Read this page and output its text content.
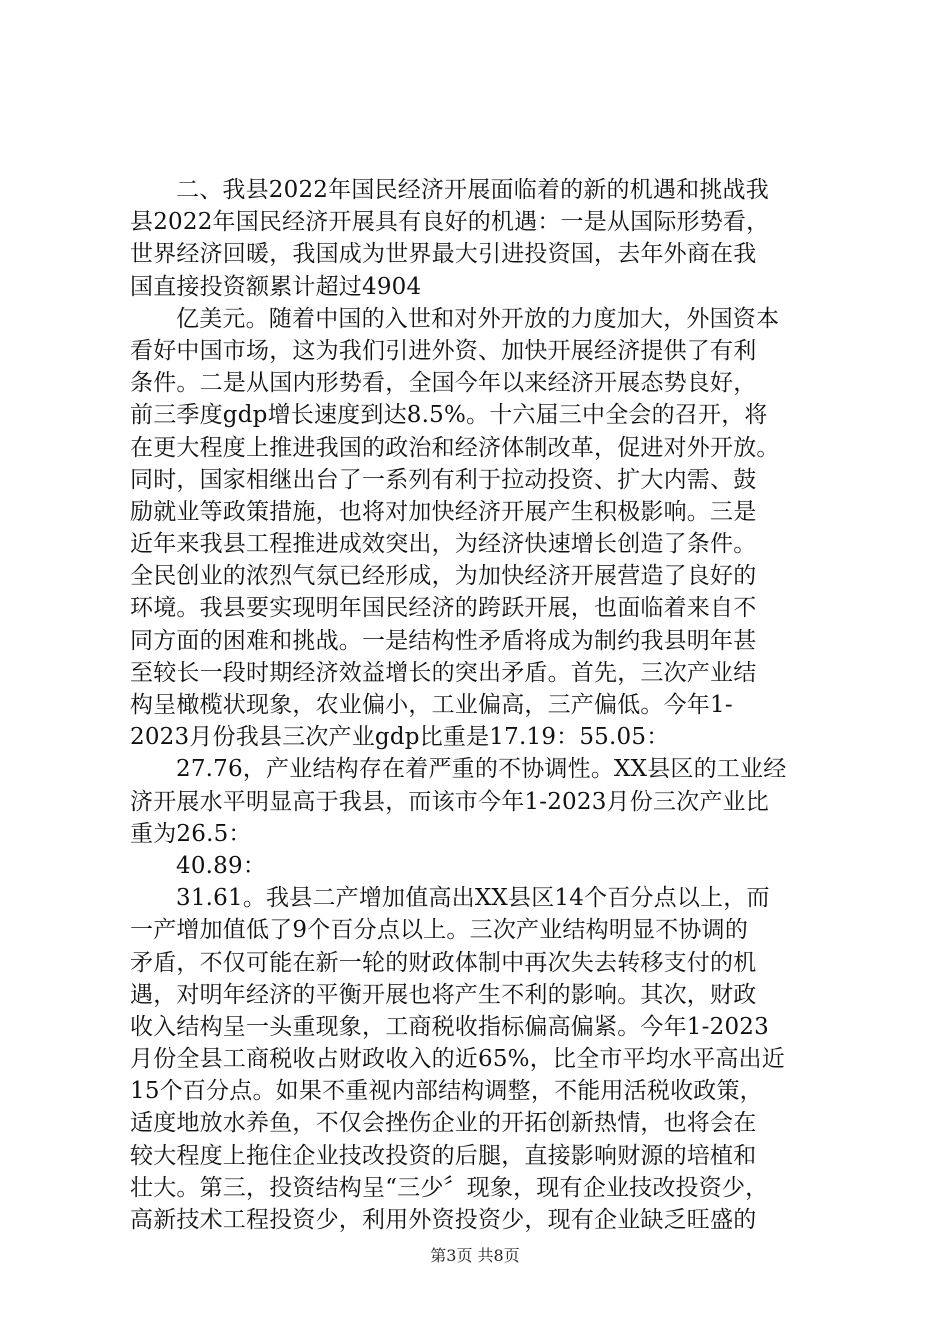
二、我县2022年国民经济开展面临着的新的机遇和挑战我
县2022年国民经济开展具有良好的机遇：一是从国际形势看，
世界经济回暖，我国成为世界最大引进投资国，去年外商在我
国直接投资额累计超过4904
亿美元。随着中国的入世和对外开放的力度加大，外国资本
看好中国市场，这为我们引进外资、加快开展经济提供了有利
条件。二是从国内形势看，全国今年以来经济开展态势良好，
前三季度gdp增长速度到达8.5%。十六届三中全会的召开，将
在更大程度上推进我国的政治和经济体制改革，促进对外开放。
同时，国家相继出台了一系列有利于拉动投资、扩大内需、鼓
励就业等政策措施，也将对加快经济开展产生积极影响。三是
近年来我县工程推进成效突出，为经济快速增长创造了条件。
全民创业的浓烈气氛已经形成，为加快经济开展营造了良好的
环境。我县要实现明年国民经济的跨跃开展，也面临着来自不
同方面的困难和挑战。一是结构性矛盾将成为制约我县明年甚
至较长一段时期经济效益增长的突出矛盾。首先，三次产业结
构呈橄榄状现象，农业偏小，工业偏高，三产偏低。今年1-
2023月份我县三次产业gdp比重是17.19：55.05：
27.76，产业结构存在着严重的不协调性。XX县区的工业经
济开展水平明显高于我县，而该市今年1-2023月份三次产业比
重为26.5：
40.89：
31.61。我县二产增加值高出XX县区14个百分点以上，而
一产增加值低了9个百分点以上。三次产业结构明显不协调的
矛盾，不仅可能在新一轮的财政体制中再次失去转移支付的机
遇，对明年经济的平衡开展也将产生不利的影响。其次，财政
收入结构呈一头重现象，工商税收指标偏高偏紧。今年1-2023
月份全县工商税收占财政收入的近65%，比全市平均水平高出近
15个百分点。如果不重视内部结构调整，不能用活税收政策，
适度地放水养鱼，不仅会挫伤企业的开拓创新热情，也将会在
较大程度上拖住企业技改投资的后腿，直接影响财源的培植和
壮大。第三，投资结构呈“三少〞现象，现有企业技改投资少，
高新技术工程投资少，利用外资投资少，现有企业缺乏旺盛的
第3页 共8页
